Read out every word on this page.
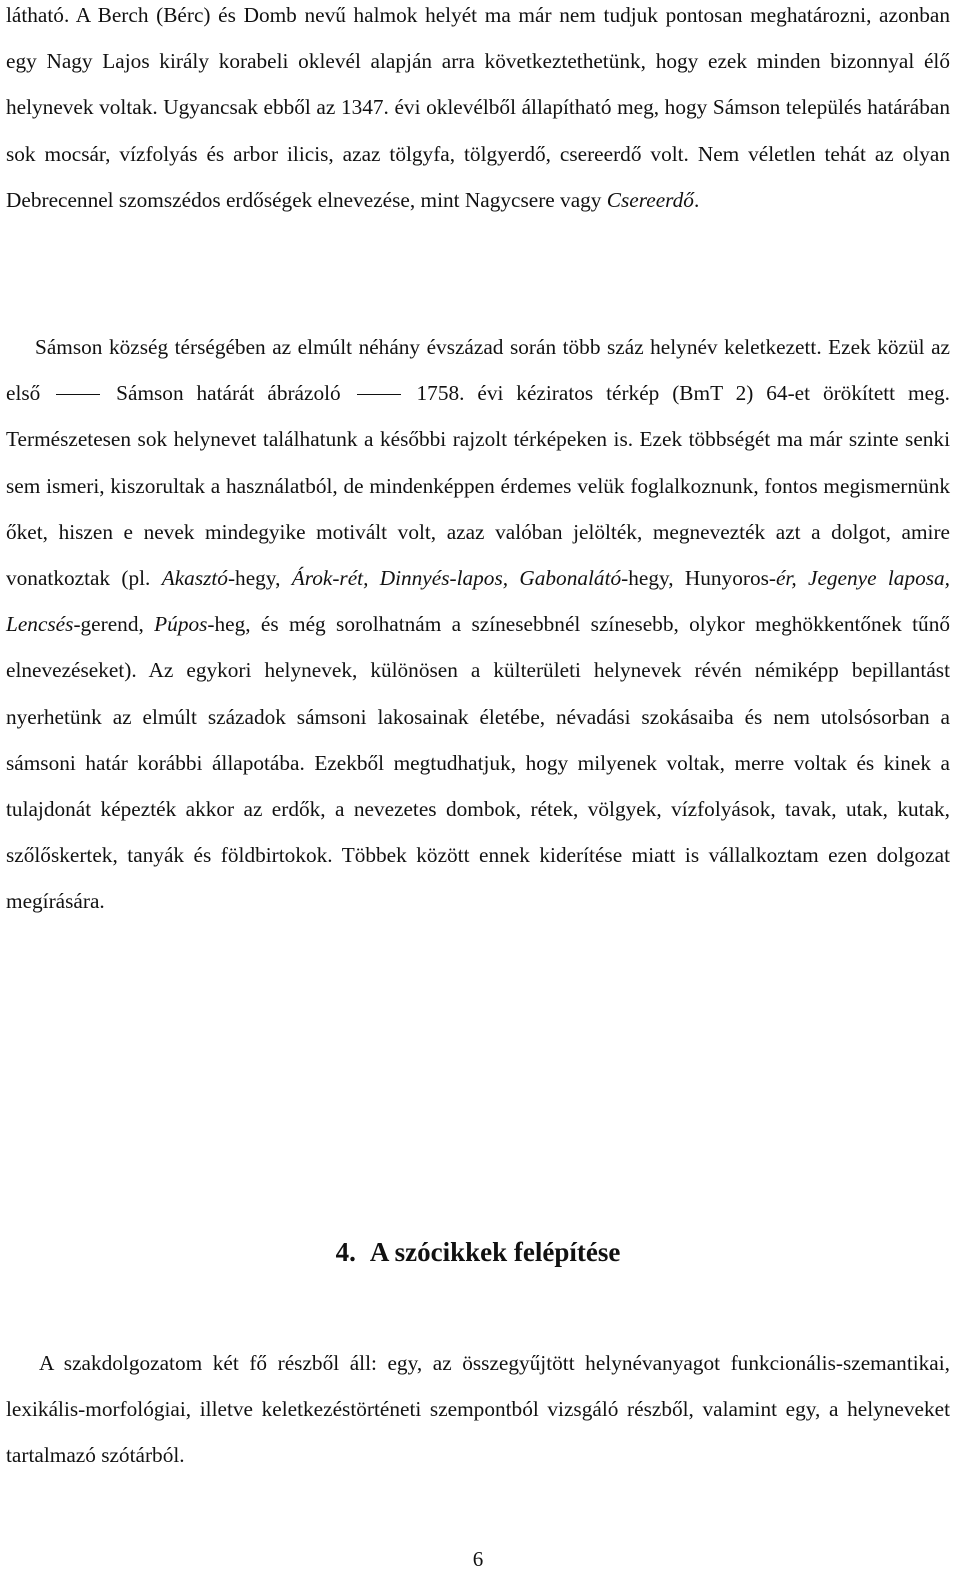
látható. A Berch (Bérc) és Domb nevű halmok helyét ma már nem tudjuk pontosan meghatározni, azonban egy Nagy Lajos király korabeli oklevél alapján arra következtethetünk, hogy ezek minden bizonnyal élő helynevek voltak. Ugyancsak ebből az 1347. évi oklevélből állapítható meg, hogy Sámson település határában sok mocsár, vízfolyás és arbor ilicis, azaz tölgyfa, tölgyerdő, csereerdő volt. Nem véletlen tehát az olyan Debrecennel szomszédos erdőségek elnevezése, mint Nagycsere vagy Csereerdő.

Sámson község térségében az elmúlt néhány évszázad során több száz helynév keletkezett. Ezek közül az első	Sámson határát ábrázoló	1758. évi kéziratos térkép (BmT 2) 64-et örökített meg. Természetesen sok helynevet találhatunk a későbbi rajzolt térképeken is. Ezek többségét ma már szinte senki sem ismeri, kiszorultak a használatból, de mindenképpen érdemes velük foglalkoznunk, fontos megismernünk őket, hiszen e nevek mindegyike motivált volt, azaz valóban jelölték, megnevezték azt a dolgot, amire vonatkoztak (pl. Akasztó-hegy, Árok-rét, Dinnyés-lapos, Gabonalátó-hegy, Hunyoros-ér, Jegenye laposa, Lencsés-gerend, Púpos-heg, és még sorolhatnám a színesebbnél színesebb, olykor meghökkentőnek tűnő elnevezéseket). Az egykori helynevek, különösen a külterületi helynevek révén némiképp bepillantást nyerhetünk az elmúlt századok sámsoni lakosainak életébe, névadási szokásaiba és nem utolsósorban a sámsoni határ korábbi állapotába. Ezekből megtudhatjuk, hogy milyenek voltak, merre voltak és kinek a tulajdonát képezték akkor az erdők, a nevezetes dombok, rétek, völgyek, vízfolyások, tavak, utak, kutak, szőlőskertek, tanyák és földbirtokok. Többek között ennek kiderítése miatt is vállalkoztam ezen dolgozat megírására.

4. A szócikkek felépítése

A szakdolgozatom két fő részből áll: egy, az összegyűjtött helynévanyagot funkcionális-szemantikai, lexikális-morfológiai, illetve keletkezéstörténeti szempontból vizsgáló részből, valamint egy, a helyneveket tartalmazó szótárból.

6
